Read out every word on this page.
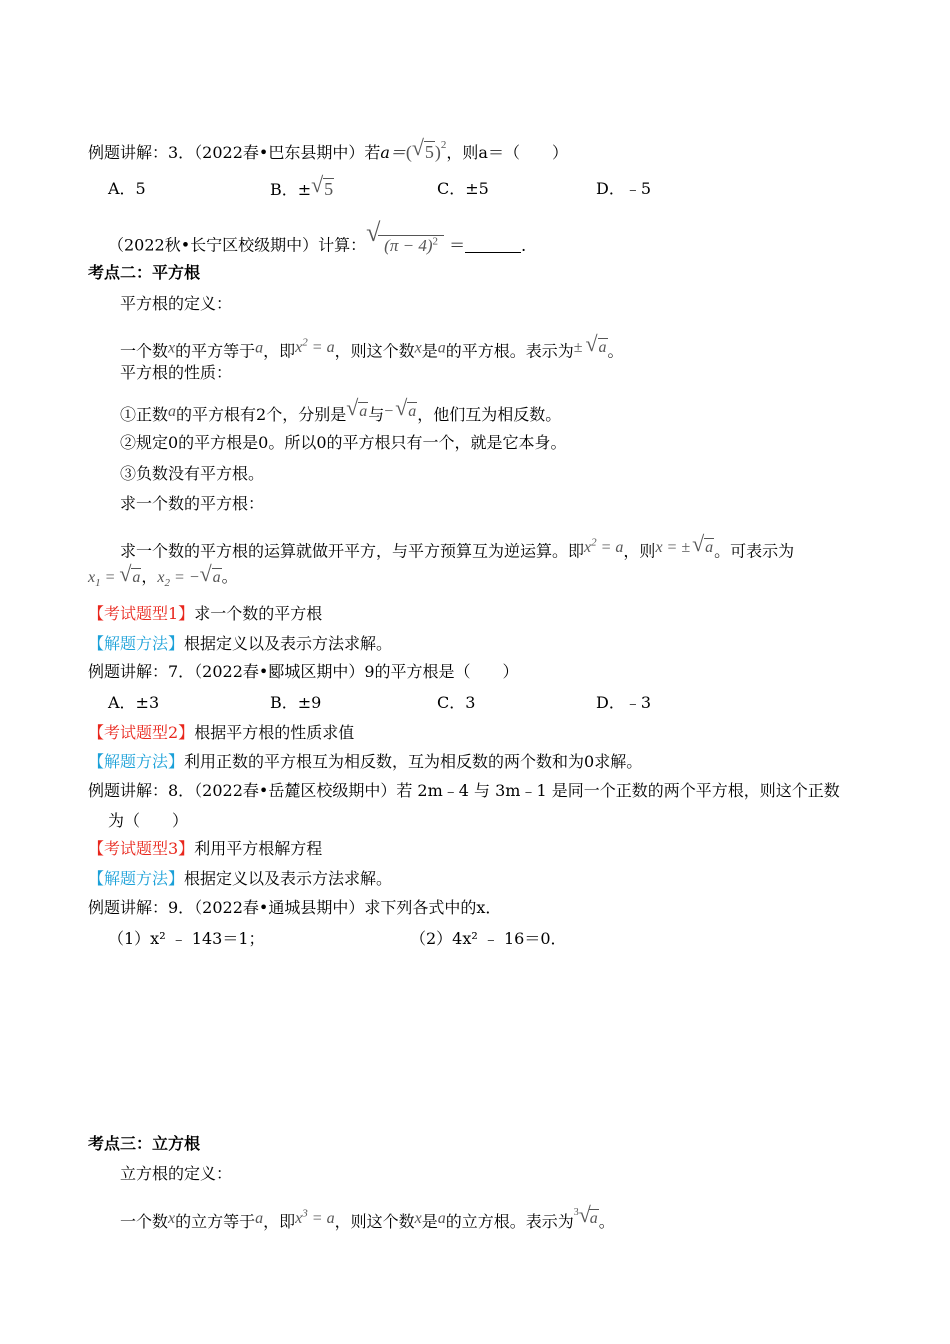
例题讲解：3．（2022春•巴东县期中）若a＝( √ 5)$^2$，则a＝（　　）
A．5	B．± √ 5	C．±5	D．﹣5
（2022秋•长宁区校级期中）计算： √ $(\pi - 4)^2$ ＝	．
考点二：平方根
平方根的定义：
一个数x的平方等于a，即$x^2 = a$，则这个数x是a的平方根。表示为± √ a。
平方根的性质：
①正数a的平方根有2个，分别是 √ a与− √ a，他们互为相反数。
②规定0的平方根是0。所以0的平方根只有一个，就是它本身。
③负数没有平方根。
求一个数的平方根：
求一个数的平方根的运算就做开平方，与平方预算互为逆运算。即$x^2 = a$，则x = ± √ a。可表示为
$x_1$ = √ a，$x_2$ = − √ a。
【考试题型1】求一个数的平方根
【解题方法】根据定义以及表示方法求解。
例题讲解：7．（2022春•郾城区期中）9的平方根是（　　）
A．±3	B．±9	C．3	D．﹣3
【考试题型2】根据平方根的性质求值
【解题方法】利用正数的平方根互为相反数，互为相反数的两个数和为0求解。
例题讲解：8．（2022春•岳麓区校级期中）若 2m﹣4 与 3m﹣1 是同一个正数的两个平方根，则这个正数
为（　　）
【考试题型3】利用平方根解方程
【解题方法】根据定义以及表示方法求解。
例题讲解：9．（2022春•通城县期中）求下列各式中的x．
（1）x² ﹣ 143＝1；	（2）4x² ﹣ 16＝0．
考点三：立方根
立方根的定义：
一个数x的立方等于a，即$x^3 = a$，则这个数x是a的立方根。表示为$^3$ √
a。
